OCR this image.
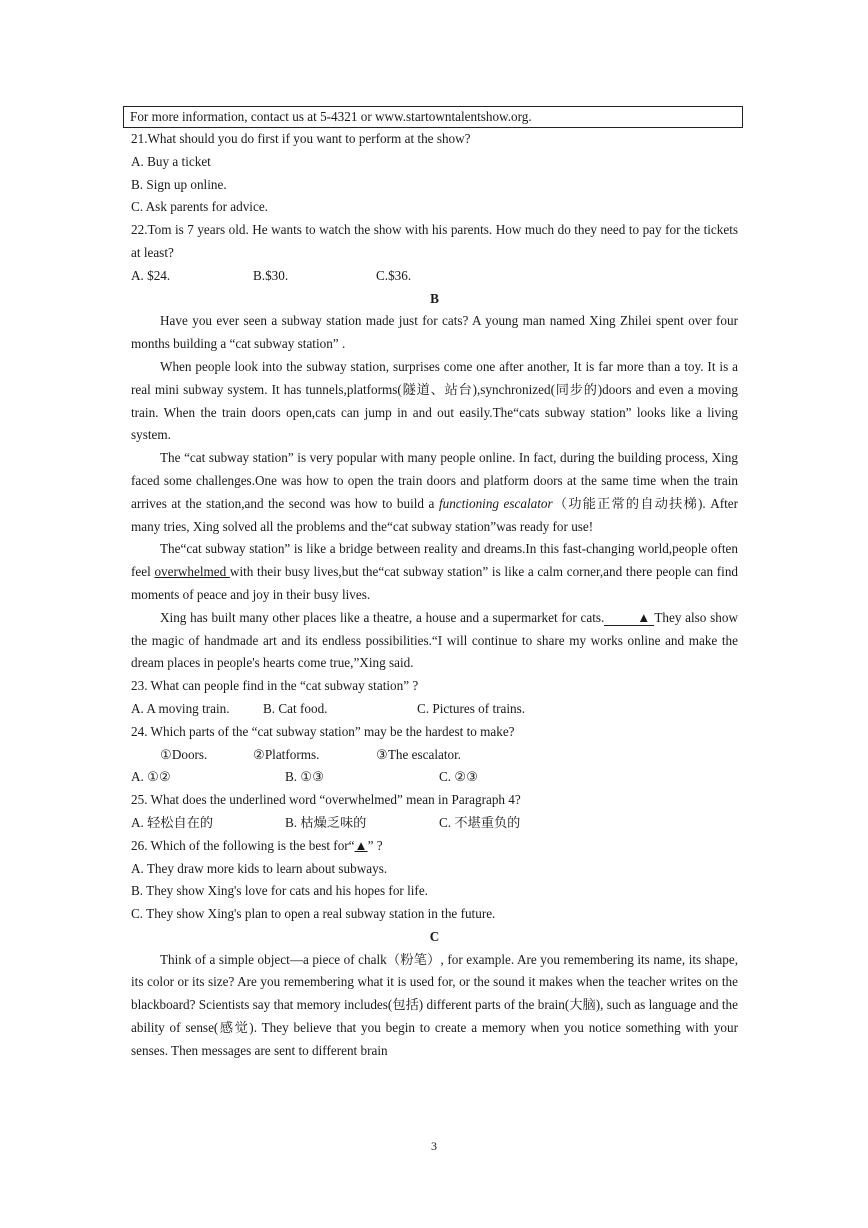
For more information, contact us at 5-4321 or www.startowntalentshow.org.

21.What should you do first if you want to perform at the show?

A. Buy a ticket

B. Sign up online.

C. Ask parents for advice.

22.Tom is 7 years old. He wants to watch the show with his parents. How much do they need to pay for the tickets at least?

A. $24.	B.$30.	C.$36.

B

Have you ever seen a subway station made just for cats? A young man named Xing Zhilei spent over four months building a “cat subway station” .

When people look into the subway station, surprises come one after another, It is far more than a toy. It is a real mini subway system. It has tunnels,platforms(隧道、站台),synchronized(同步的)doors and even a moving train. When the train doors open,cats can jump in and out easily.The“cats subway station” looks like a living system.

The “cat subway station” is very popular with many people online. In fact, during the building process, Xing faced some challenges.One was how to open the train doors and platform doors at the same time when the train arrives at the station,and the second was how to build a functioning escalator（功能正常的自动扶梯). After many tries, Xing solved all the problems and the“cat subway station”was ready for use!

The“cat subway station” is like a bridge between reality and dreams.In this fast-changing world,people often feel overwhelmed with their busy lives,but the“cat subway station” is like a calm corner,and there people can find moments of peace and joy in their busy lives.

Xing has built many other places like a theatre, a house and a supermarket for cats. ▲ They also show the magic of handmade art and its endless possibilities.“I will continue to share my works online and make the dream places in people's hearts come true,”Xing said.

23. What can people find in the “cat subway station” ?

A. A moving train.	B. Cat food.	C. Pictures of trains.

24. Which parts of the “cat subway station” may be the hardest to make?

①Doors.	②Platforms.	③The escalator.
A. ①②	B. ①③	C. ②③

25. What does the underlined word “overwhelmed” mean in Paragraph 4?

A. 轻松自在的	B. 枯燥乏味的	C. 不堪重负的

26. Which of the following is the best for“▲” ?

A. They draw more kids to learn about subways.

B. They show Xing's love for cats and his hopes for life.

C. They show Xing's plan to open a real subway station in the future.

C

Think of a simple object—a piece of chalk（粉笔）, for example. Are you remembering its name, its shape, its color or its size? Are you remembering what it is used for, or the sound it makes when the teacher writes on the blackboard? Scientists say that memory includes(包括) different parts of the brain(大脑), such as language and the ability of sense(感觉). They believe that you begin to create a memory when you notice something with your senses. Then messages are sent to different brain

3
